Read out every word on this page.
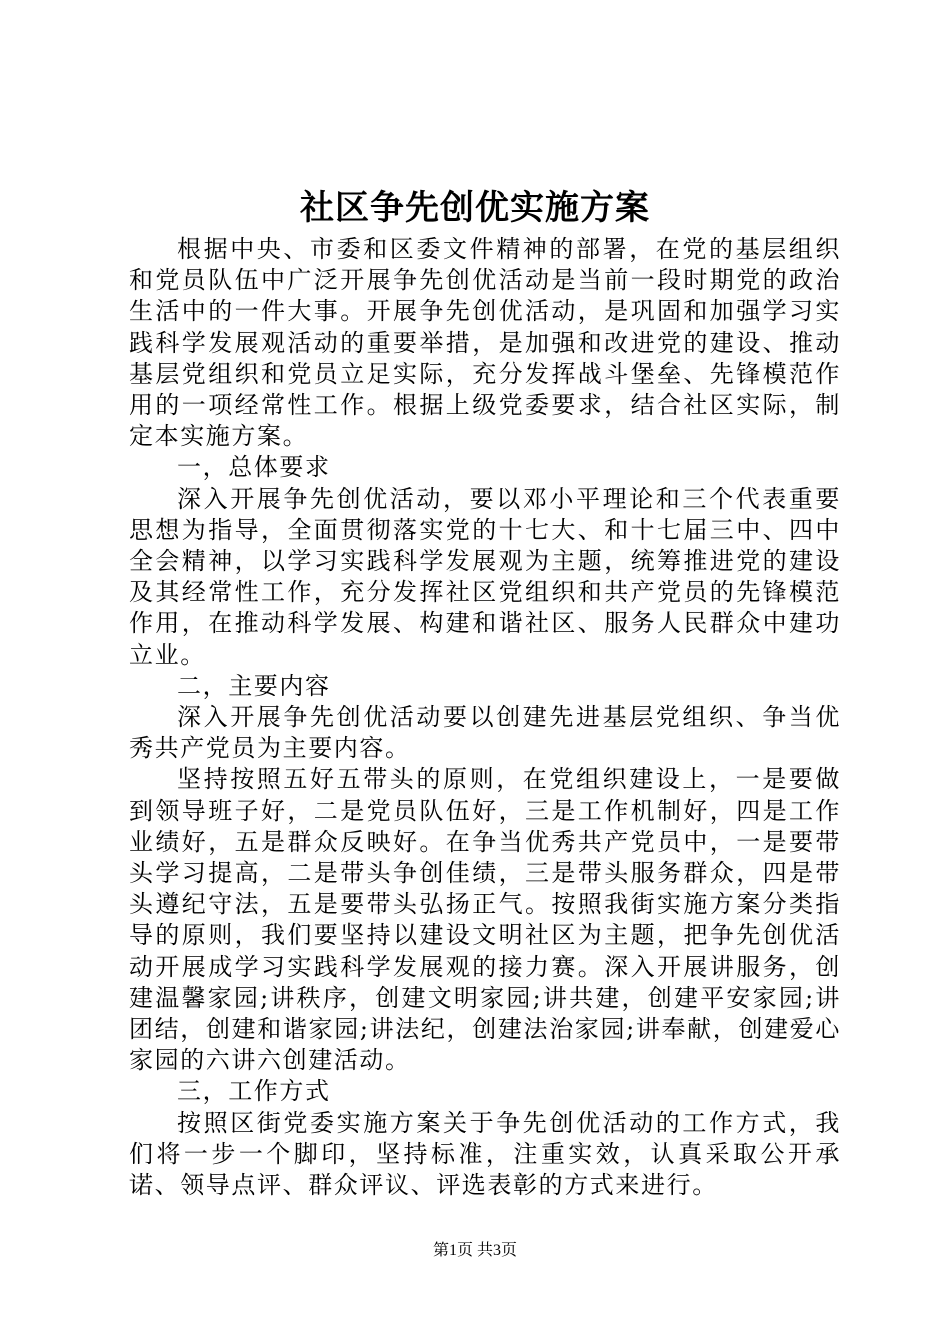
社区争先创优实施方案

根据中央、市委和区委文件精神的部署，在党的基层组织和党员队伍中广泛开展争先创优活动是当前一段时期党的政治生活中的一件大事。开展争先创优活动，是巩固和加强学习实践科学发展观活动的重要举措，是加强和改进党的建设、推动基层党组织和党员立足实际，充分发挥战斗堡垒、先锋模范作用的一项经常性工作。根据上级党委要求，结合社区实际，制定本实施方案。

一，总体要求

深入开展争先创优活动，要以邓小平理论和三个代表重要思想为指导，全面贯彻落实党的十七大、和十七届三中、四中全会精神，以学习实践科学发展观为主题，统筹推进党的建设及其经常性工作，充分发挥社区党组织和共产党员的先锋模范作用，在推动科学发展、构建和谐社区、服务人民群众中建功立业。

二，主要内容

深入开展争先创优活动要以创建先进基层党组织、争当优秀共产党员为主要内容。

坚持按照五好五带头的原则，在党组织建设上，一是要做到领导班子好，二是党员队伍好，三是工作机制好，四是工作业绩好，五是群众反映好。在争当优秀共产党员中，一是要带头学习提高，二是带头争创佳绩，三是带头服务群众，四是带头遵纪守法，五是要带头弘扬正气。按照我街实施方案分类指导的原则，我们要坚持以建设文明社区为主题，把争先创优活动开展成学习实践科学发展观的接力赛。深入开展讲服务，创建温馨家园;讲秩序，创建文明家园;讲共建，创建平安家园;讲团结，创建和谐家园;讲法纪，创建法治家园;讲奉献，创建爱心家园的六讲六创建活动。

三，工作方式

按照区街党委实施方案关于争先创优活动的工作方式，我们将一步一个脚印，坚持标准，注重实效，认真采取公开承诺、领导点评、群众评议、评选表彰的方式来进行。

第1页 共3页
